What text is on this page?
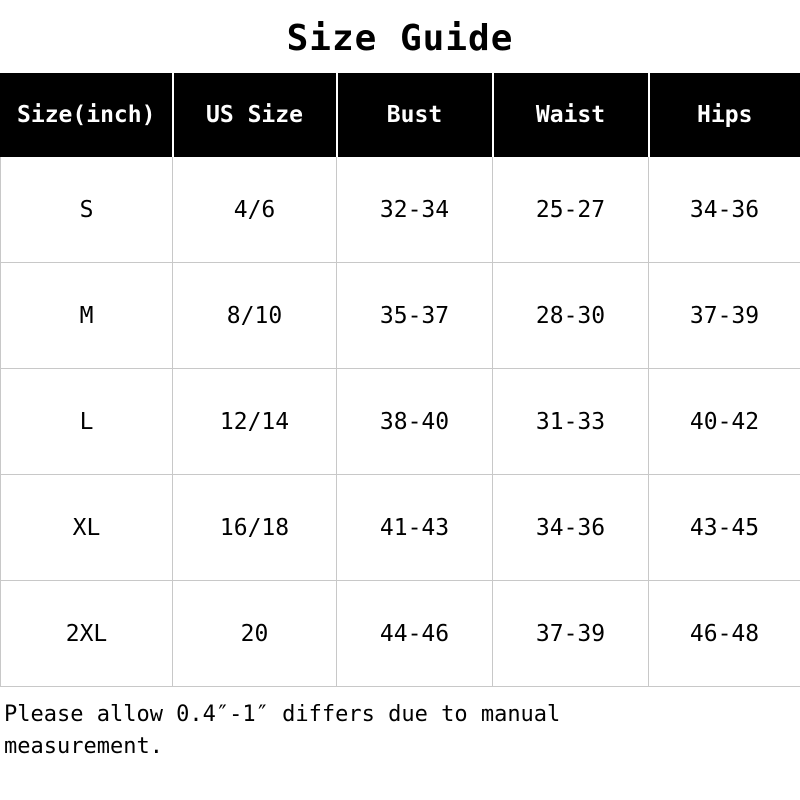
Size Guide
Size(inch)	US Size	Bust	Waist	Hips
S	4/6	32-34	25-27	34-36
M	8/10	35-37	28-30	37-39
L	12/14	38-40	31-33	40-42
XL	16/18	41-43	34-36	43-45
2XL	20	44-46	37-39	46-48
Please allow 0.4″-1″ differs due to manual measurement.
